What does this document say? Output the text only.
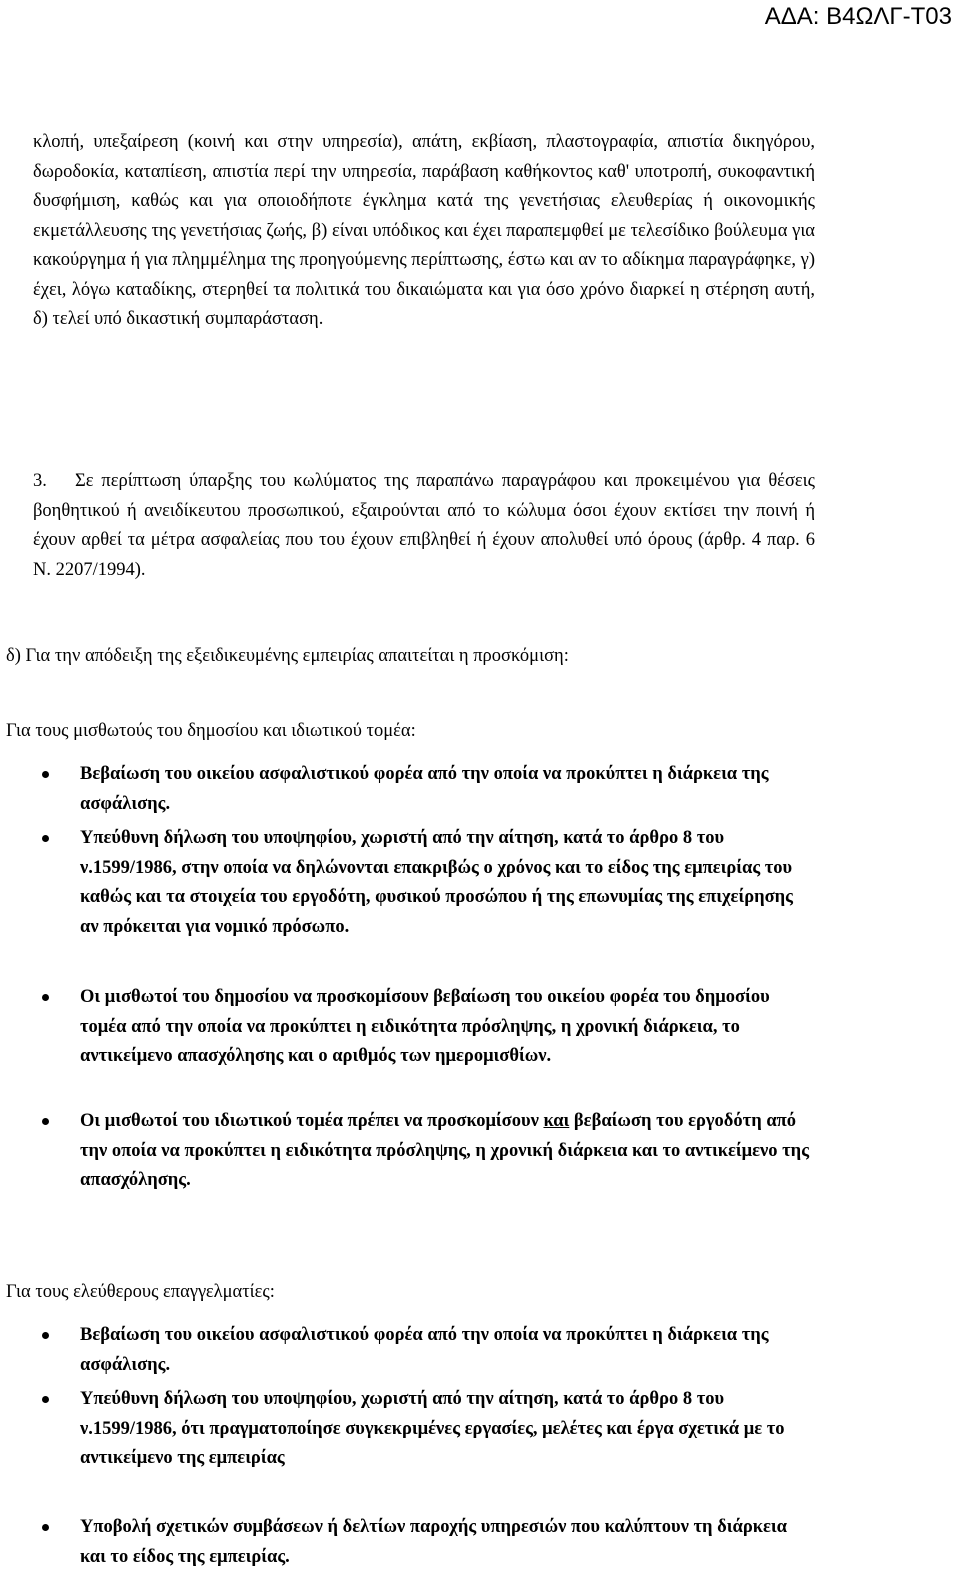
ΑΔΑ: Β4ΩΛΓ-Τ03
κλοπή, υπεξαίρεση (κοινή και στην υπηρεσία), απάτη, εκβίαση, πλαστογραφία, απιστία δικηγόρου, δωροδοκία, καταπίεση, απιστία περί την υπηρεσία, παράβαση καθήκοντος καθ' υποτροπή, συκοφαντική δυσφήμιση, καθώς και για οποιοδήποτε έγκλημα κατά της γενετήσιας ελευθερίας ή οικονομικής εκμετάλλευσης της γενετήσιας ζωής, β) είναι υπόδικος και έχει παραπεμφθεί με τελεσίδικο βούλευμα για κακούργημα ή για πλημμέλημα της προηγούμενης περίπτωσης, έστω και αν το αδίκημα παραγράφηκε, γ) έχει, λόγω καταδίκης, στερηθεί τα πολιτικά του δικαιώματα και για όσο χρόνο διαρκεί η στέρηση αυτή, δ) τελεί υπό δικαστική συμπαράσταση.
3. Σε περίπτωση ύπαρξης του κωλύματος της παραπάνω παραγράφου και προκειμένου για θέσεις βοηθητικού ή ανειδίκευτου προσωπικού, εξαιρούνται από το κώλυμα όσοι έχουν εκτίσει την ποινή ή έχουν αρθεί τα μέτρα ασφαλείας που του έχουν επιβληθεί ή έχουν απολυθεί υπό όρους (άρθρ. 4 παρ. 6 Ν. 2207/1994).
δ) Για την απόδειξη της εξειδικευμένης εμπειρίας απαιτείται η προσκόμιση:
Για τους μισθωτούς του δημοσίου και ιδιωτικού τομέα:
Βεβαίωση του οικείου ασφαλιστικού φορέα από την οποία να προκύπτει η διάρκεια της ασφάλισης.
Υπεύθυνη δήλωση του υποψηφίου, χωριστή από την αίτηση, κατά το άρθρο 8 του ν.1599/1986, στην οποία να δηλώνονται επακριβώς ο χρόνος και το είδος της εμπειρίας του καθώς και τα στοιχεία του εργοδότη, φυσικού προσώπου ή της επωνυμίας της επιχείρησης αν πρόκειται για νομικό πρόσωπο.
Οι μισθωτοί του δημοσίου να προσκομίσουν βεβαίωση του οικείου φορέα του δημοσίου τομέα από την οποία να προκύπτει η ειδικότητα πρόσληψης, η χρονική διάρκεια, το αντικείμενο απασχόλησης και ο αριθμός των ημερομισθίων.
Οι μισθωτοί του ιδιωτικού τομέα πρέπει να προσκομίσουν και βεβαίωση του εργοδότη από την οποία να προκύπτει η ειδικότητα πρόσληψης, η χρονική διάρκεια και το αντικείμενο της απασχόλησης.
Για τους ελεύθερους επαγγελματίες:
Βεβαίωση του οικείου ασφαλιστικού φορέα από την οποία να προκύπτει η διάρκεια της ασφάλισης.
Υπεύθυνη δήλωση του υποψηφίου, χωριστή από την αίτηση, κατά το άρθρο 8 του ν.1599/1986, ότι πραγματοποίησε συγκεκριμένες εργασίες, μελέτες και έργα σχετικά με το αντικείμενο της εμπειρίας
Υποβολή σχετικών συμβάσεων ή δελτίων παροχής υπηρεσιών που καλύπτουν τη διάρκεια και το είδος της εμπειρίας.
